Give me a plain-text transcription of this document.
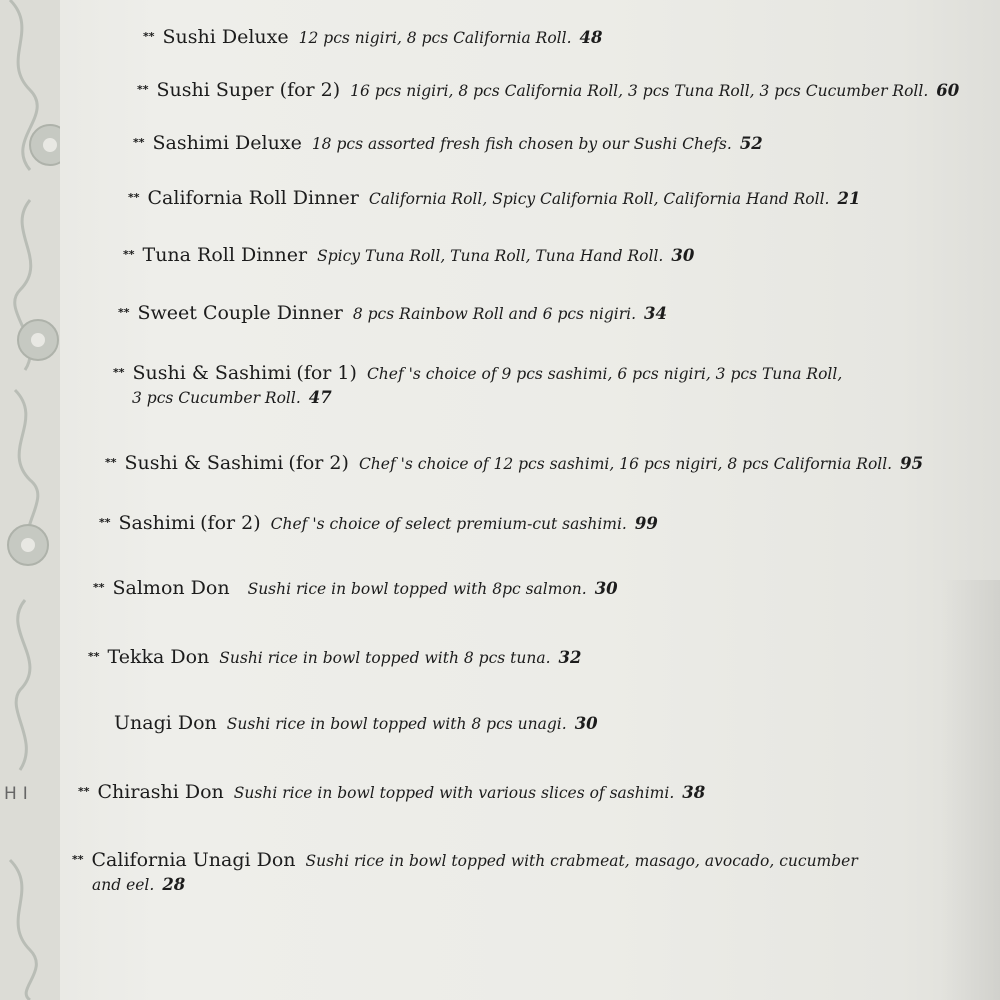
HI
** Sushi Deluxe 12 pcs nigiri, 8 pcs California Roll. 48
** Sushi Super (for 2) 16 pcs nigiri, 8 pcs California Roll, 3 pcs Tuna Roll, 3 pcs Cucumber Roll. 60
** Sashimi Deluxe 18 pcs assorted fresh fish chosen by our Sushi Chefs. 52
** California Roll Dinner California Roll, Spicy California Roll, California Hand Roll. 21
** Tuna Roll Dinner Spicy Tuna Roll, Tuna Roll, Tuna Hand Roll. 30
** Sweet Couple Dinner 8 pcs Rainbow Roll and 6 pcs nigiri. 34
** Sushi & Sashimi (for 1) Chef 's choice of 9 pcs sashimi, 6 pcs nigiri, 3 pcs Tuna Roll,
3 pcs Cucumber Roll. 47
** Sushi & Sashimi (for 2) Chef 's choice of 12 pcs sashimi, 16 pcs nigiri, 8 pcs California Roll. 95
** Sashimi (for 2) Chef 's choice of select premium-cut sashimi. 99
** Salmon Don Sushi rice in bowl topped with 8pc salmon. 30
** Tekka Don Sushi rice in bowl topped with 8 pcs tuna. 32
Unagi Don Sushi rice in bowl topped with 8 pcs unagi. 30
** Chirashi Don Sushi rice in bowl topped with various slices of sashimi. 38
** California Unagi Don Sushi rice in bowl topped with crabmeat, masago, avocado, cucumber
and eel. 28
